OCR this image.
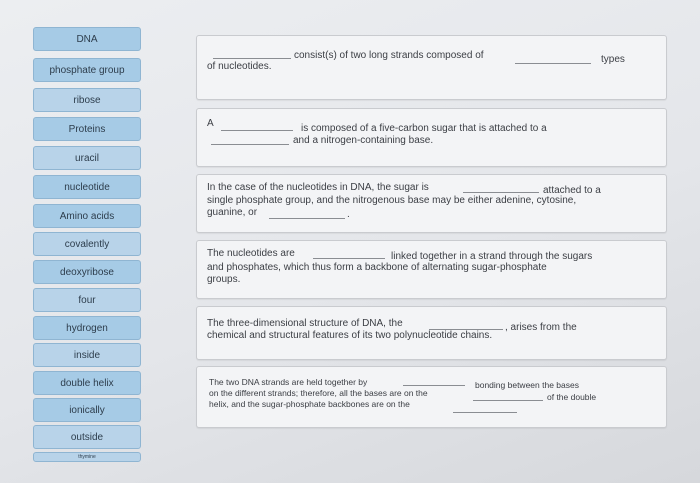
DNA
phosphate group
ribose
Proteins
uracil
nucleotide
Amino acids
covalently
deoxyribose
four
hydrogen
inside
double helix
ionically
outside
thymine
consist(s) of two long strands composed of	types
of nucleotides.
A	is composed of a five-carbon sugar that is attached to a
and a nitrogen-containing base.
In the case of the nucleotides in DNA, the sugar is	attached to a
single phosphate group, and the nitrogenous base may be either adenine, cytosine,
guanine, or	.
The nucleotides are	linked together in a strand through the sugars
and phosphates, which thus form a backbone of alternating sugar-phosphate
groups.
The three-dimensional structure of DNA, the	, arises from the
chemical and structural features of its two polynucleotide chains.
The two DNA strands are held together by	bonding between the bases
on the different strands; therefore, all the bases are on the	of the double
helix, and the sugar-phosphate backbones are on the
